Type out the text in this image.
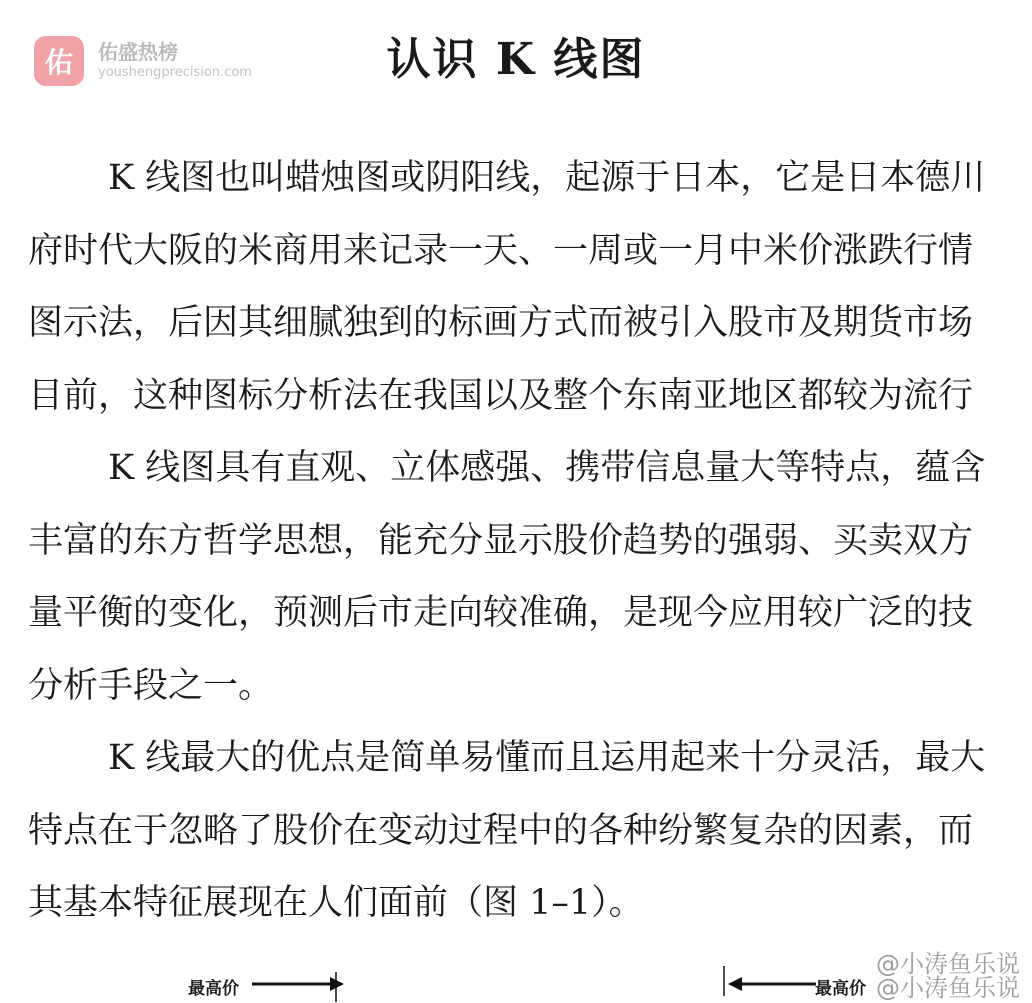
佑	佑盛热榜
youshengprecision.com	认识 K 线图
K 线图也叫蜡烛图或阴阳线，起源于日本，它是日本德川
府时代大阪的米商用来记录一天、一周或一月中米价涨跌行情
图示法，后因其细腻独到的标画方式而被引入股市及期货市场
目前，这种图标分析法在我国以及整个东南亚地区都较为流行
K 线图具有直观、立体感强、携带信息量大等特点，蕴含
丰富的东方哲学思想，能充分显示股价趋势的强弱、买卖双方
量平衡的变化，预测后市走向较准确，是现今应用较广泛的技
分析手段之一。
K 线最大的优点是简单易懂而且运用起来十分灵活，最大
特点在于忽略了股价在变动过程中的各种纷繁复杂的因素，而
其基本特征展现在人们面前（图 1–1）。
最高价	最高价
@小涛鱼乐说
@小涛鱼乐说
